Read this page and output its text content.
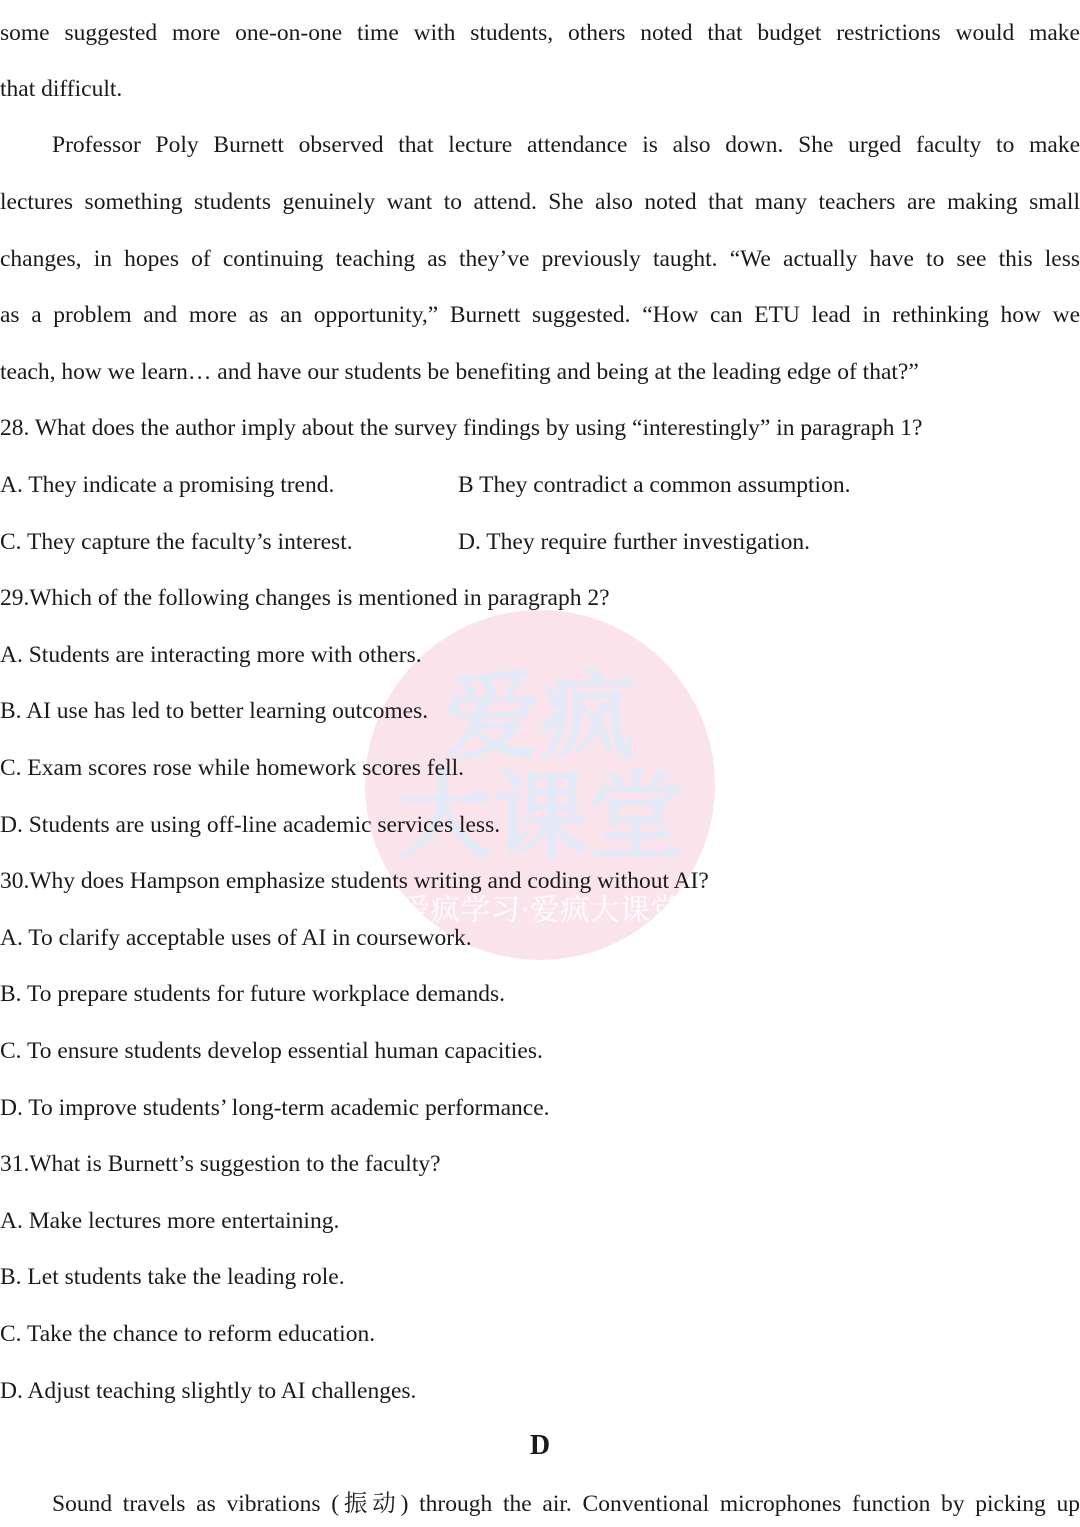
爱疯
大课堂
爱疯学习·爱疯大课堂
some suggested more one-on-one time with students, others noted that budget restrictions would make
that difficult.
Professor Poly Burnett observed that lecture attendance is also down. She urged faculty to make
lectures something students genuinely want to attend. She also noted that many teachers are making small
changes, in hopes of continuing teaching as they’ve previously taught. “We actually have to see this less
as a problem and more as an opportunity,” Burnett suggested. “How can ETU lead in rethinking how we
teach, how we learn… and have our students be benefiting and being at the leading edge of that?”
28. What does the author imply about the survey findings by using “interestingly” in paragraph 1?
A. They indicate a promising trend.	B They contradict a common assumption.
C. They capture the faculty’s interest.	D. They require further investigation.
29.Which of the following changes is mentioned in paragraph 2?
A. Students are interacting more with others.
B. AI use has led to better learning outcomes.
C. Exam scores rose while homework scores fell.
D. Students are using off-line academic services less.
30.Why does Hampson emphasize students writing and coding without AI?
A. To clarify acceptable uses of AI in coursework.
B. To prepare students for future workplace demands.
C. To ensure students develop essential human capacities.
D. To improve students’ long-term academic performance.
31.What is Burnett’s suggestion to the faculty?
A. Make lectures more entertaining.
B. Let students take the leading role.
C. Take the chance to reform education.
D. Adjust teaching slightly to AI challenges.
D
Sound travels as vibrations (振动) through the air. Conventional microphones function by picking up
